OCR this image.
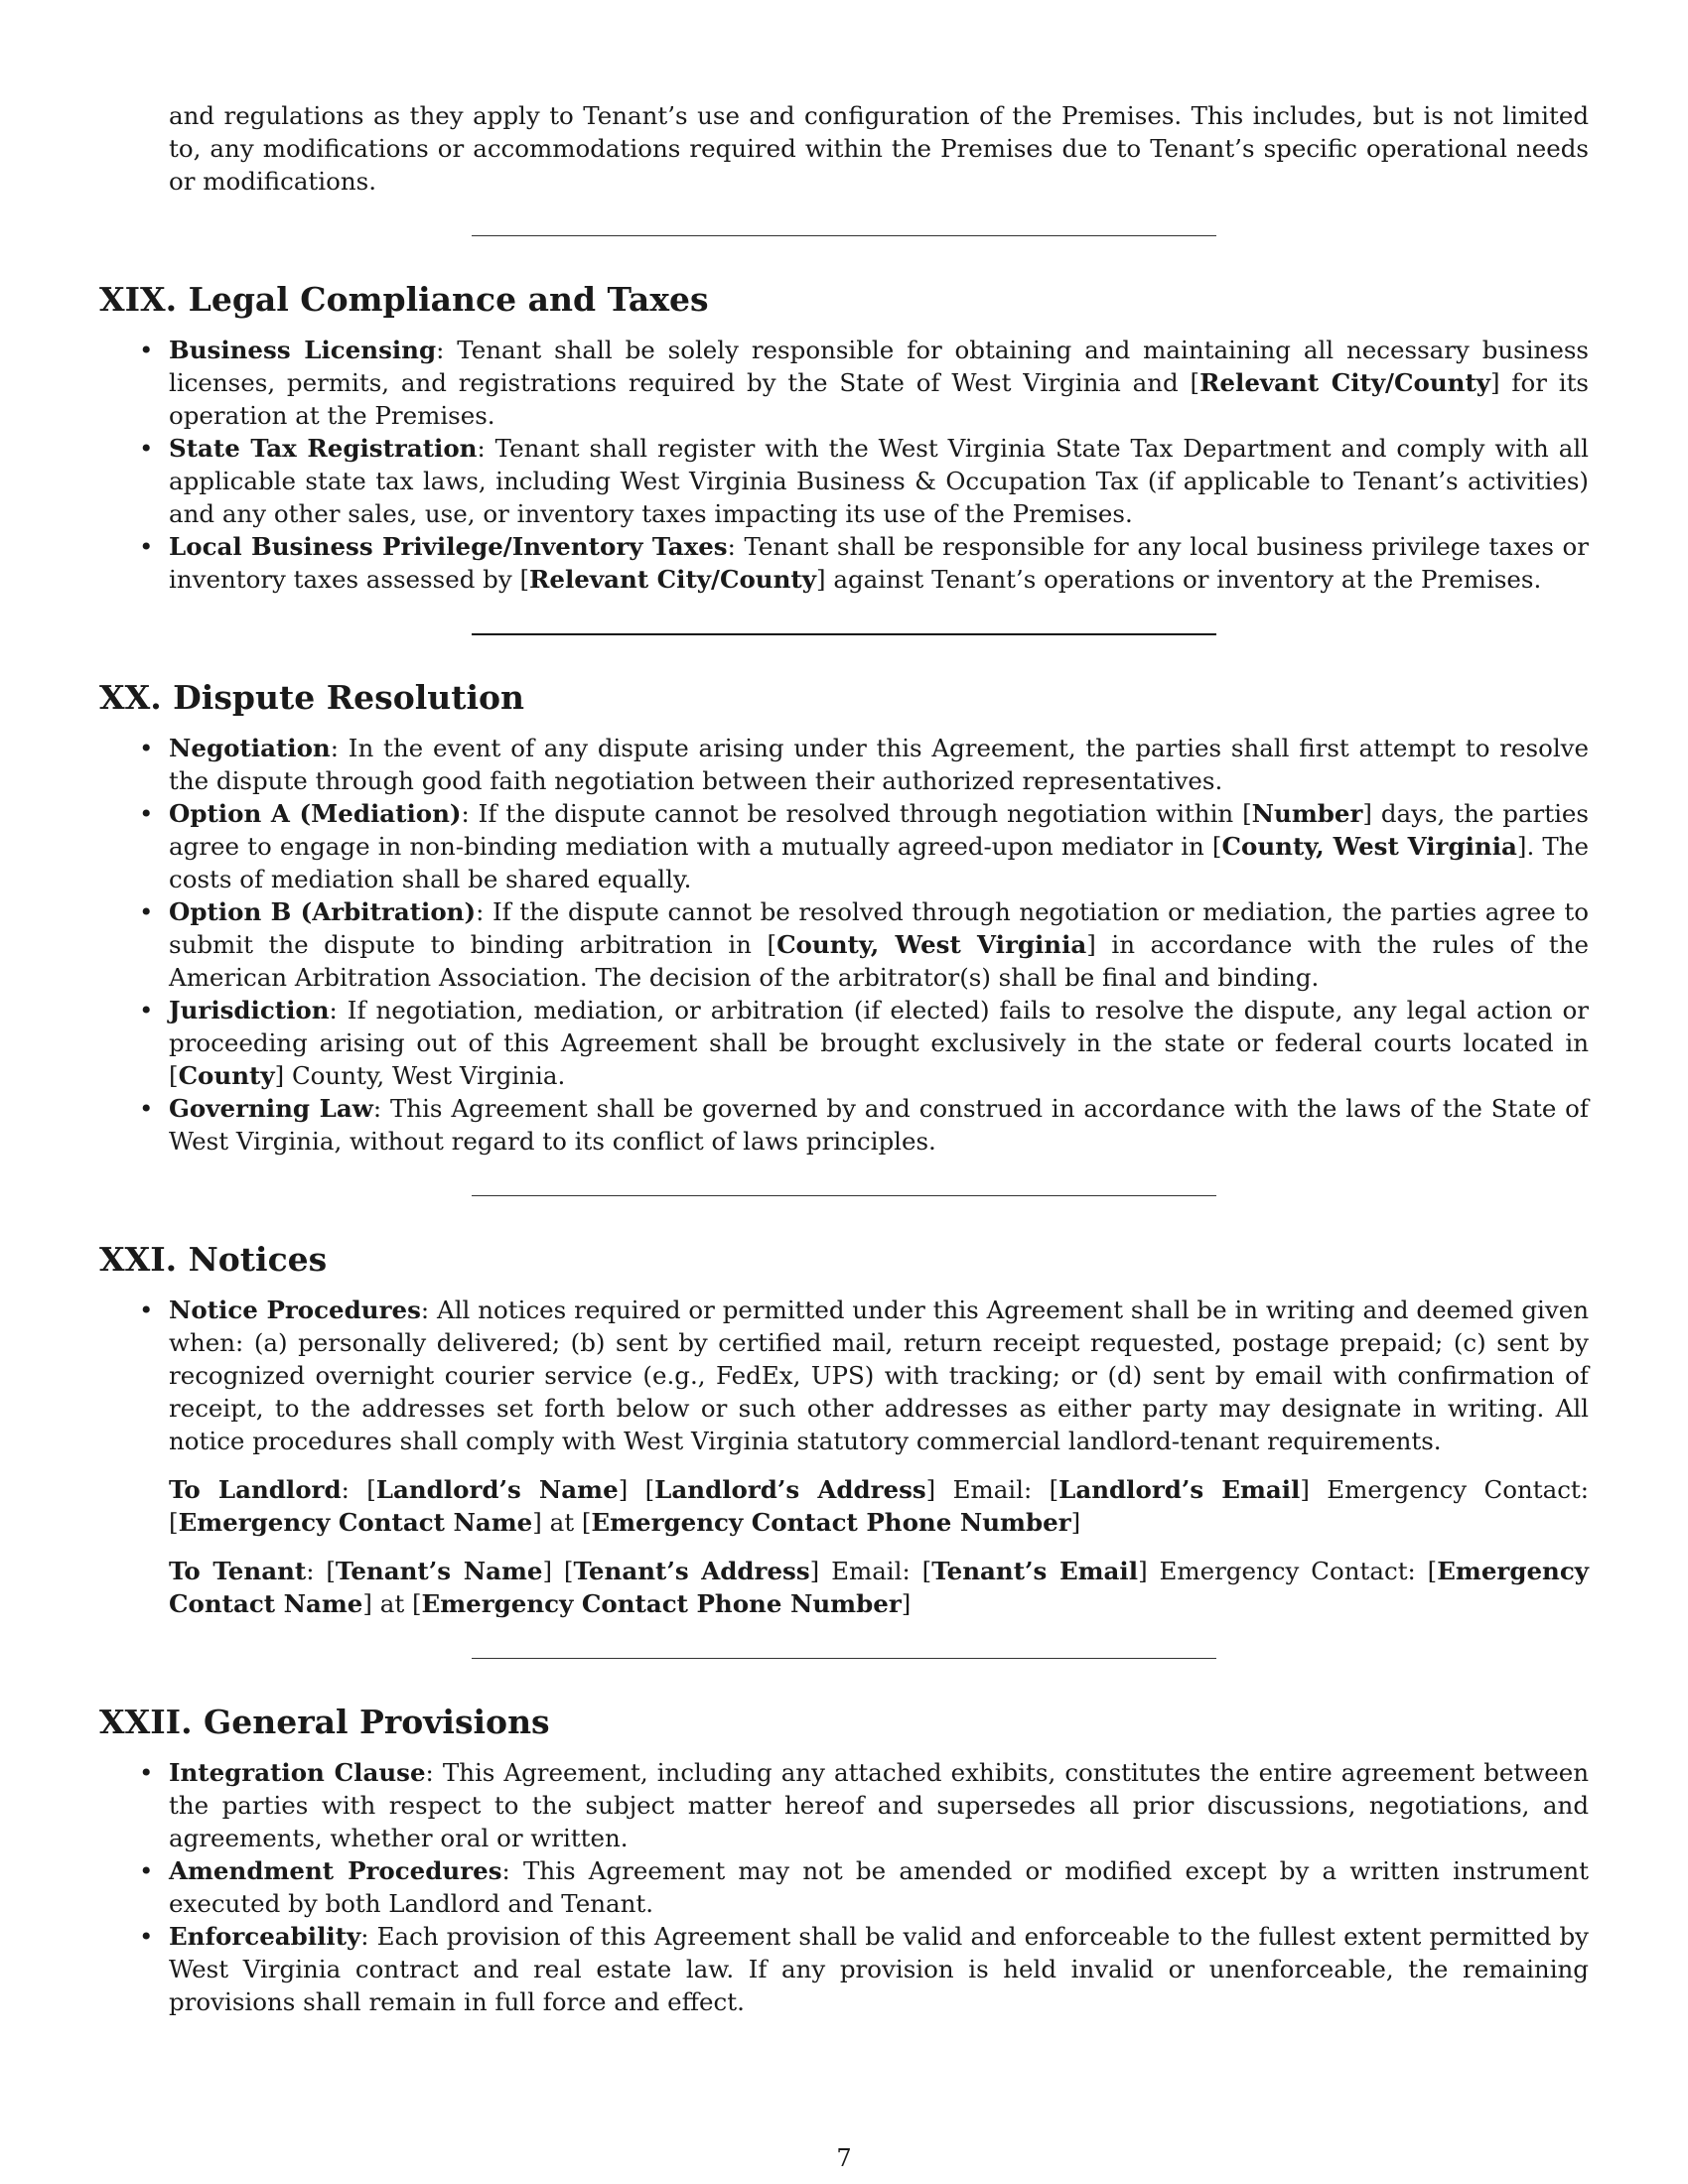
and regulations as they apply to Tenant’s use and configuration of the Premises. This includes, but is not limited to, any modifications or accommodations required within the Premises due to Tenant’s specific operational needs or modifications.

XIX. Legal Compliance and Taxes
• Business Licensing: Tenant shall be solely responsible for obtaining and maintaining all necessary business licenses, permits, and registrations required by the State of West Virginia and [Relevant City/County] for its operation at the Premises.
• State Tax Registration: Tenant shall register with the West Virginia State Tax Department and comply with all applicable state tax laws, including West Virginia Business & Occupation Tax (if applicable to Tenant’s activities) and any other sales, use, or inventory taxes impacting its use of the Premises.
• Local Business Privilege/Inventory Taxes: Tenant shall be responsible for any local business privilege taxes or inventory taxes assessed by [Relevant City/County] against Tenant’s operations or inventory at the Premises.
XX. Dispute Resolution
• Negotiation: In the event of any dispute arising under this Agreement, the parties shall first attempt to resolve the dispute through good faith negotiation between their authorized representatives.
• Option A (Mediation): If the dispute cannot be resolved through negotiation within [Number] days, the parties agree to engage in non-binding mediation with a mutually agreed-upon mediator in [County, West Virginia]. The costs of mediation shall be shared equally.
• Option B (Arbitration): If the dispute cannot be resolved through negotiation or mediation, the parties agree to submit the dispute to binding arbitration in [County, West Virginia] in accordance with the rules of the American Arbitration Association. The decision of the arbitrator(s) shall be final and binding.
• Jurisdiction: If negotiation, mediation, or arbitration (if elected) fails to resolve the dispute, any legal action or proceeding arising out of this Agreement shall be brought exclusively in the state or federal courts located in [County] County, West Virginia.
• Governing Law: This Agreement shall be governed by and construed in accordance with the laws of the State of West Virginia, without regard to its conflict of laws principles.
XXI. Notices
• Notice Procedures: All notices required or permitted under this Agreement shall be in writing and deemed given when: (a) personally delivered; (b) sent by certified mail, return receipt requested, postage prepaid; (c) sent by recognized overnight courier service (e.g., FedEx, UPS) with tracking; or (d) sent by email with confirmation of receipt, to the addresses set forth below or such other addresses as either party may designate in writing. All notice procedures shall comply with West Virginia statutory commercial landlord-tenant requirements.

To Landlord: [Landlord’s Name] [Landlord’s Address] Email: [Landlord’s Email] Emergency Contact: [Emergency Contact Name] at [Emergency Contact Phone Number]

To Tenant: [Tenant’s Name] [Tenant’s Address] Email: [Tenant’s Email] Emergency Contact: [Emergency Contact Name] at [Emergency Contact Phone Number]

XXII. General Provisions
• Integration Clause: This Agreement, including any attached exhibits, constitutes the entire agreement between the parties with respect to the subject matter hereof and supersedes all prior discussions, negotiations, and agreements, whether oral or written.
• Amendment Procedures: This Agreement may not be amended or modified except by a written instrument executed by both Landlord and Tenant.
• Enforceability: Each provision of this Agreement shall be valid and enforceable to the fullest extent permitted by West Virginia contract and real estate law. If any provision is held invalid or unenforceable, the remaining provisions shall remain in full force and effect.
7
